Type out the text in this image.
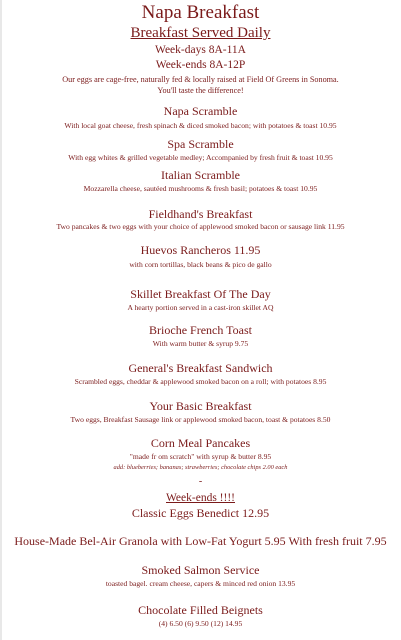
Napa Breakfast
Breakfast Served Daily
Week-days 8A-11A
Week-ends 8A-12P
Our eggs are cage-free, naturally fed & locally raised at Field Of Greens in Sonoma.
You'll taste the difference!
Napa Scramble
With local goat cheese, fresh spinach & diced smoked bacon; with potatoes & toast 10.95
Spa Scramble
With egg whites & grilled vegetable medley; Accompanied by fresh fruit & toast 10.95
Italian Scramble
Mozzarella cheese, sautéed mushrooms & fresh basil; potatoes & toast 10.95
Fieldhand's Breakfast
Two pancakes & two eggs with your choice of applewood smoked bacon or sausage link 11.95
Huevos Rancheros 11.95
with corn tortillas, black beans & pico de gallo
Skillet Breakfast Of The Day
A hearty portion served in a cast-iron skillet AQ
Brioche French Toast
With warm butter & syrup 9.75
General's Breakfast Sandwich
Scrambled eggs, cheddar & applewood smoked bacon on a roll; with potatoes 8.95
Your Basic Breakfast
Two eggs, Breakfast Sausage link or applewood smoked bacon, toast & potatoes 8.50
Corn Meal Pancakes
"made fr om scratch" with syrup & butter 8.95
add: blueberries; bananas; strawberries; chocolate chips 2.00 each
-
Week-ends !!!!
Classic Eggs Benedict 12.95
House-Made Bel-Air Granola with Low-Fat Yogurt 5.95 With fresh fruit 7.95
Smoked Salmon Service
toasted bagel. cream cheese, capers & minced red onion 13.95
Chocolate Filled Beignets
(4) 6.50 (6) 9.50 (12) 14.95
